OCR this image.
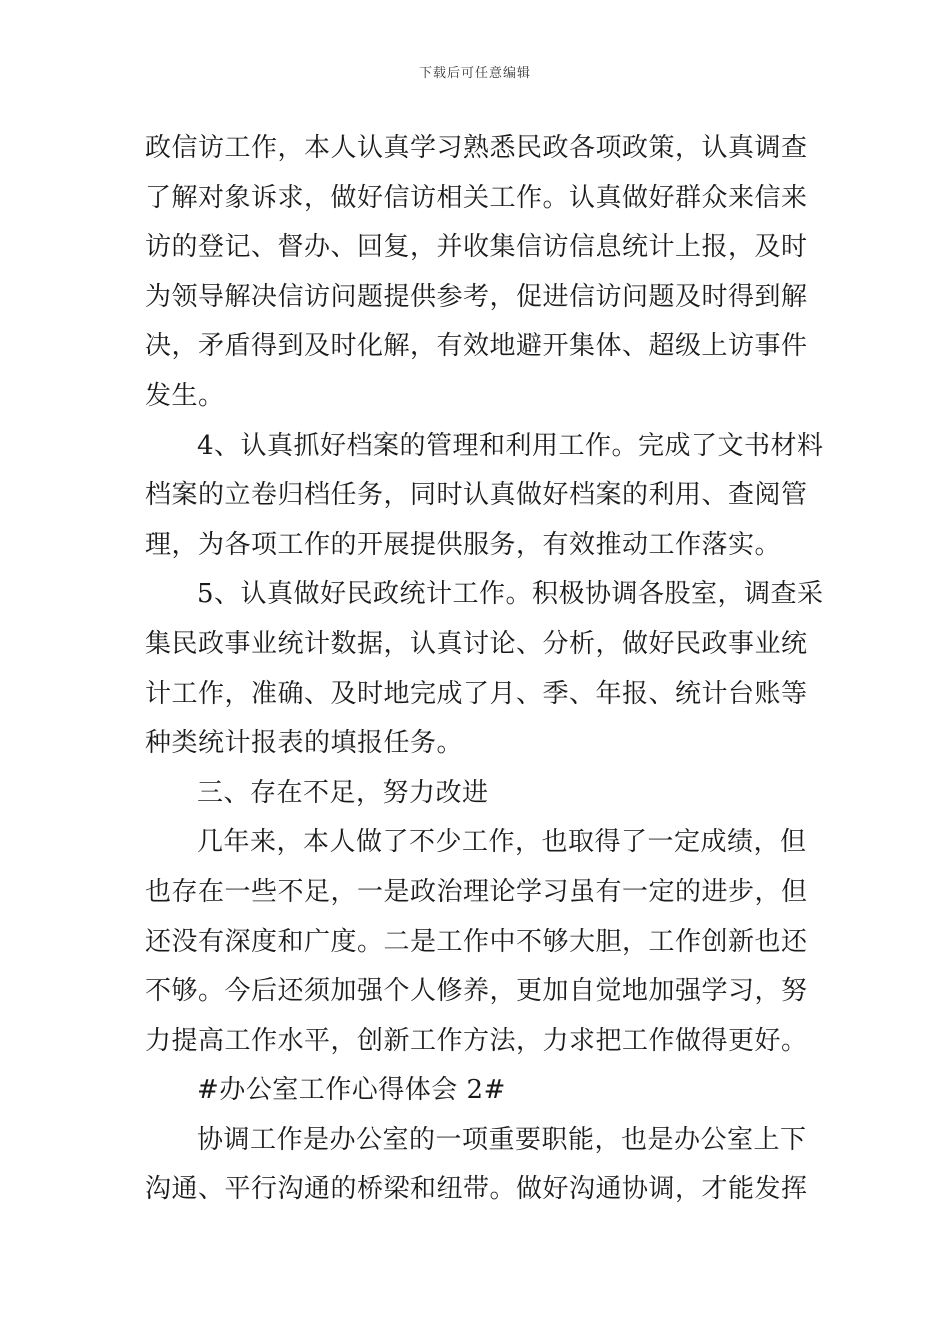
下载后可任意编辑
政信访工作，本人认真学习熟悉民政各项政策，认真调查
了解对象诉求，做好信访相关工作。认真做好群众来信来
访的登记、督办、回复，并收集信访信息统计上报，及时
为领导解决信访问题提供参考，促进信访问题及时得到解
决，矛盾得到及时化解，有效地避开集体、超级上访事件
发生。
4、认真抓好档案的管理和利用工作。完成了文书材料
档案的立卷归档任务，同时认真做好档案的利用、查阅管
理，为各项工作的开展提供服务，有效推动工作落实。
5、认真做好民政统计工作。积极协调各股室，调查采
集民政事业统计数据，认真讨论、分析，做好民政事业统
计工作，准确、及时地完成了月、季、年报、统计台账等
种类统计报表的填报任务。
三、存在不足，努力改进
几年来，本人做了不少工作，也取得了一定成绩，但
也存在一些不足，一是政治理论学习虽有一定的进步，但
还没有深度和广度。二是工作中不够大胆，工作创新也还
不够。今后还须加强个人修养，更加自觉地加强学习，努
力提高工作水平，创新工作方法，力求把工作做得更好。
#办公室工作心得体会 2#
协调工作是办公室的一项重要职能，也是办公室上下
沟通、平行沟通的桥梁和纽带。做好沟通协调，才能发挥
